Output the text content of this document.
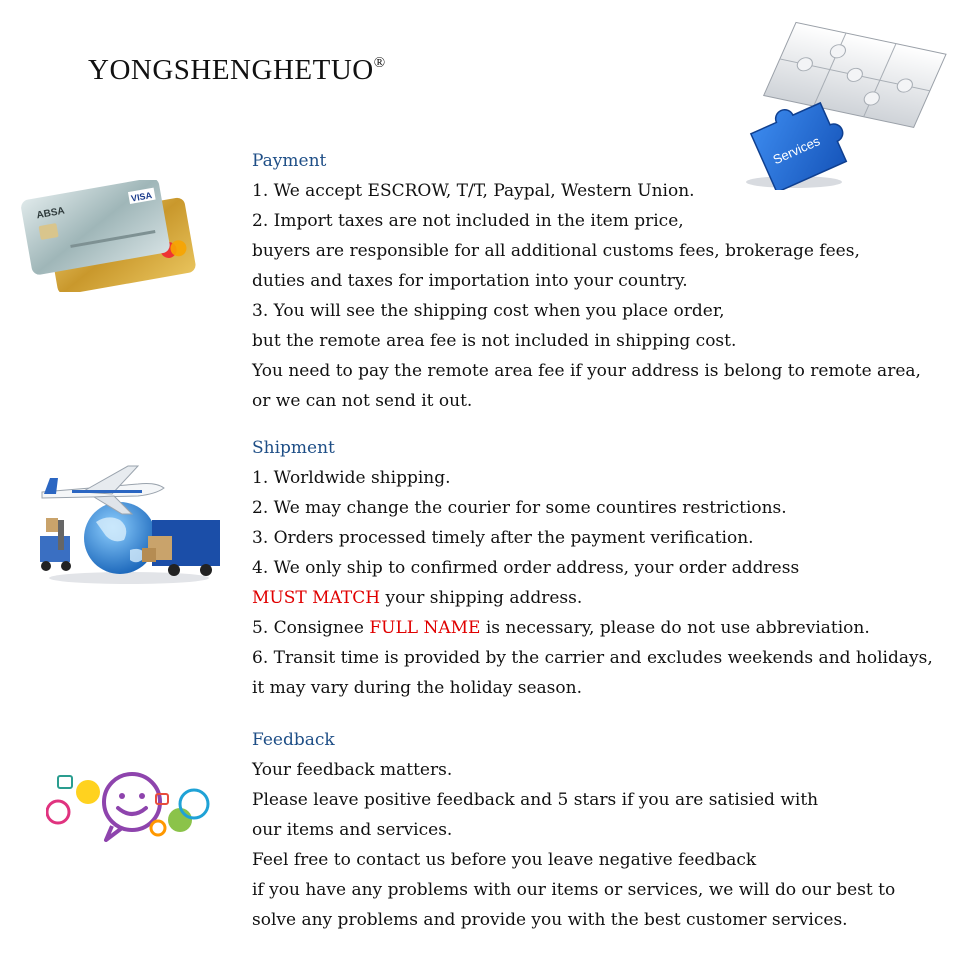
YONGSHENGHETUO®
Services
ABSA
VISA
Payment
1. We accept ESCROW, T/T, Paypal, Western Union.
2. Import taxes are not included in the item price,
buyers are responsible for all additional customs fees, brokerage fees,
duties and taxes for importation into your country.
3. You will see the shipping cost when you place order,
but the remote area fee is not included in shipping cost.
You need to pay the remote area fee if your address is belong to remote area,
or we can not send it out.
Shipment
1. Worldwide shipping.
2. We may change the courier for some countires restrictions.
3. Orders processed timely after the payment verification.
4. We only ship to confirmed order address, your order address
MUST MATCH your shipping address.
5. Consignee FULL NAME is necessary, please do not use abbreviation.
6. Transit time is provided by the carrier and excludes weekends and holidays,
it may vary during the holiday season.
Feedback
Your feedback matters.
Please leave positive feedback and 5 stars if you are satisied with
our items and services.
Feel free to contact us before you leave negative feedback
if you have any problems with our items or services, we will do our best to
solve any problems and provide you with the best customer services.
